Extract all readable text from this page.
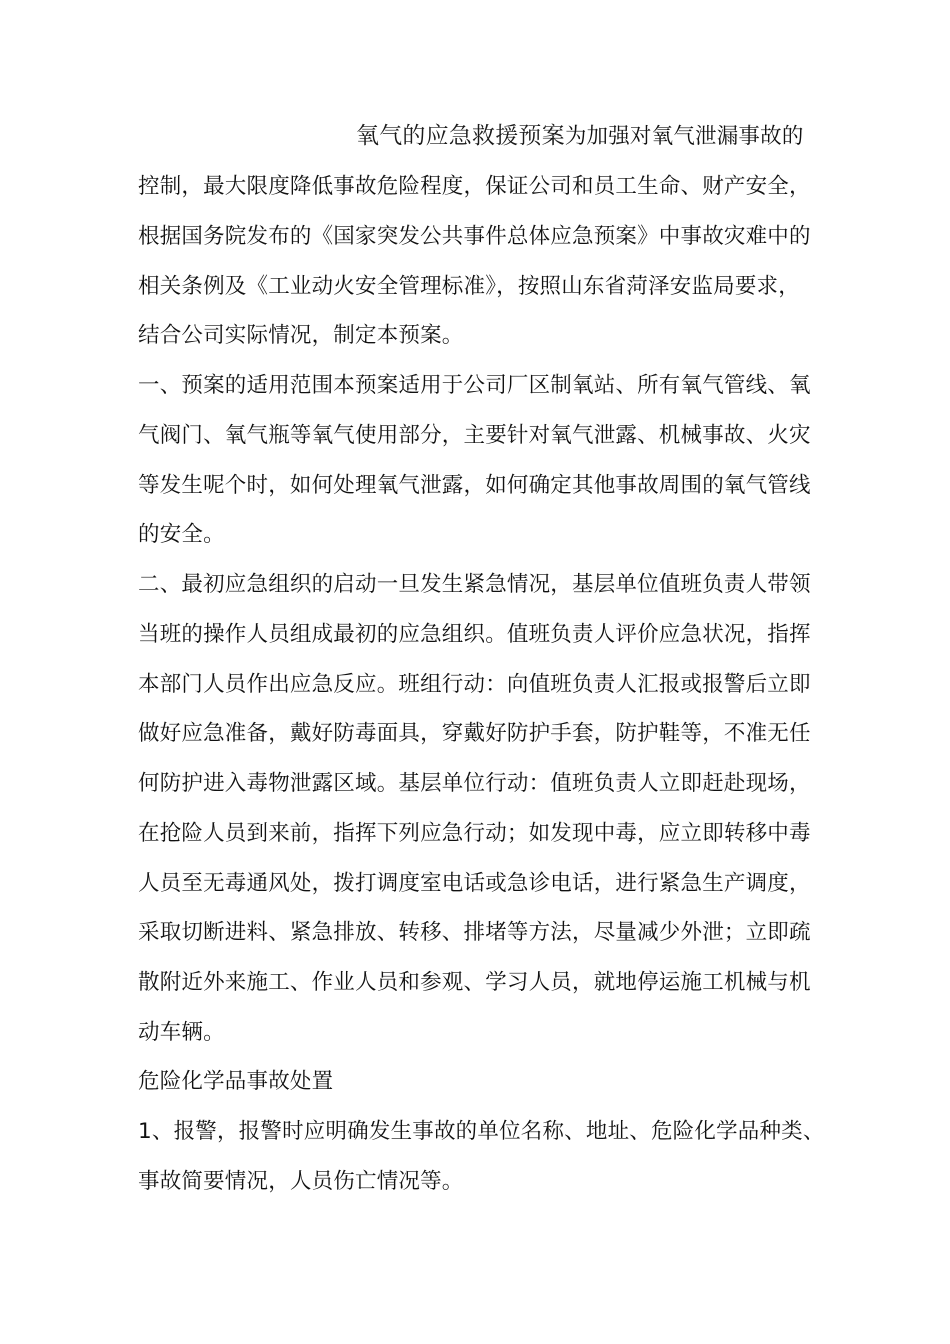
氧气的应急救援预案为加强对氧气泄漏事故的
控制，最大限度降低事故危险程度，保证公司和员工生命、财产安全，
根据国务院发布的《国家突发公共事件总体应急预案》中事故灾难中的
相关条例及《工业动火安全管理标准》，按照山东省菏泽安监局要求，
结合公司实际情况，制定本预案。
一、预案的适用范围本预案适用于公司厂区制氧站、所有氧气管线、氧
气阀门、氧气瓶等氧气使用部分，主要针对氧气泄露、机械事故、火灾
等发生呢个时，如何处理氧气泄露，如何确定其他事故周围的氧气管线
的安全。
二、最初应急组织的启动一旦发生紧急情况，基层单位值班负责人带领
当班的操作人员组成最初的应急组织。值班负责人评价应急状况，指挥
本部门人员作出应急反应。班组行动：向值班负责人汇报或报警后立即
做好应急准备，戴好防毒面具，穿戴好防护手套，防护鞋等，不准无任
何防护进入毒物泄露区域。基层单位行动：值班负责人立即赶赴现场，
在抢险人员到来前，指挥下列应急行动；如发现中毒，应立即转移中毒
人员至无毒通风处，拨打调度室电话或急诊电话，进行紧急生产调度，
采取切断进料、紧急排放、转移、排堵等方法，尽量减少外泄；立即疏
散附近外来施工、作业人员和参观、学习人员，就地停运施工机械与机
动车辆。
危险化学品事故处置
1、报警，报警时应明确发生事故的单位名称、地址、危险化学品种类、
事故简要情况，人员伤亡情况等。
